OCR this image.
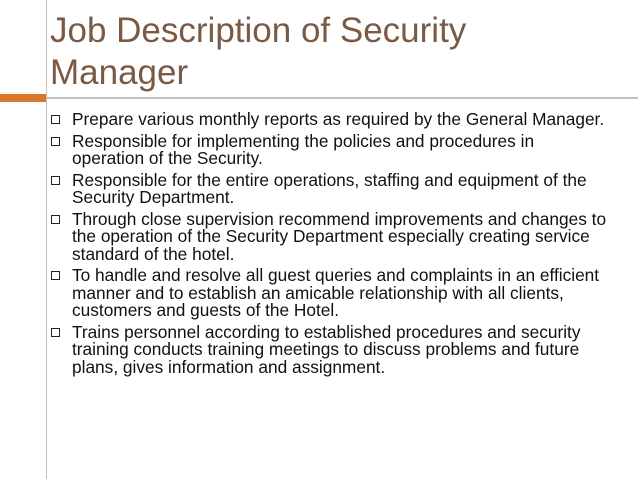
Job Description of Security Manager
Prepare various monthly reports as required by the General Manager.
Responsible for implementing the policies and procedures in operation of the Security.
Responsible for the entire operations, staffing and equipment of the Security Department.
Through close supervision recommend improvements and changes to the operation of the Security Department especially creating service standard of the hotel.
To handle and resolve all guest queries and complaints in an efficient manner and to establish an amicable relationship with all clients, customers and guests of the Hotel.
Trains personnel according to established procedures and security training conducts training meetings to discuss problems and future plans, gives information and assignment.
